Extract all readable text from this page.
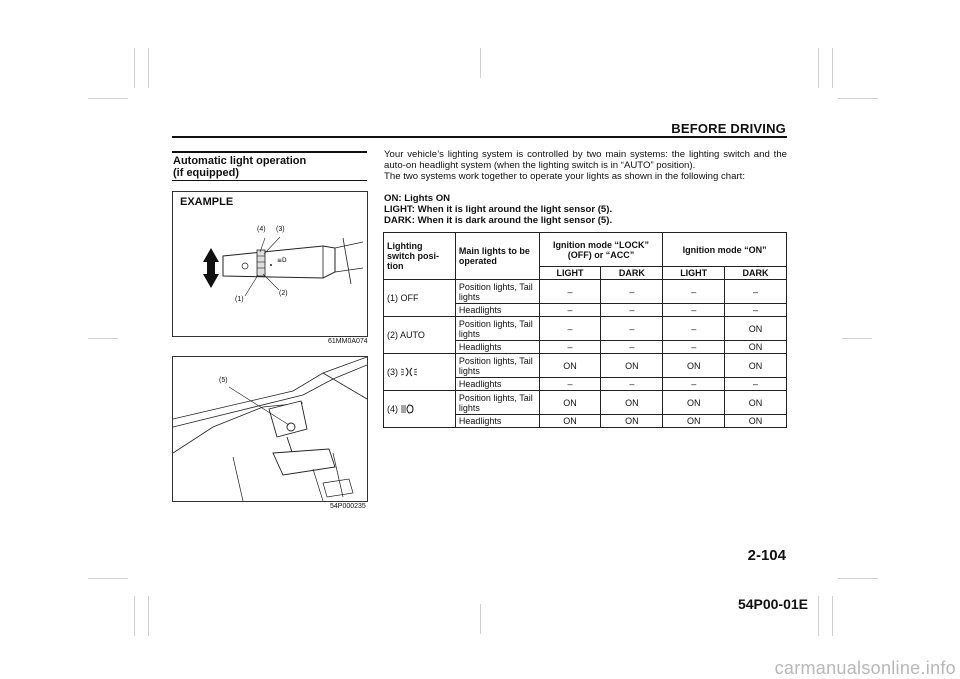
BEFORE DRIVING
Automatic light operation
(if equipped)
EXAMPLE
≡D
(4) (3)
(1)
(2)
61MM0A074
(5)
54P000235

Your vehicle’s lighting system is controlled by two main systems: the lighting switch and the auto-on headlight system (when the lighting switch is in “AUTO” position).

The two systems work together to operate your lights as shown in the following chart:

ON: Lights ON

LIGHT: When it is light around the light sensor (5).

DARK: When it is dark around the light sensor (5).

Lighting switch posi-tion	Main lights to be operated	Ignition mode “LOCK” (OFF) or “ACC”		Ignition mode “ON”	
		LIGHT	DARK	LIGHT	DARK
(1) OFF	Position lights, Tail lights	–	–	–	–
	Headlights	–	–	–	–
(2) AUTO	Position lights, Tail lights	–	–	–	ON
	Headlights	–	–	–	ON
(3)	Position lights, Tail lights	ON	ON	ON	ON
	Headlights	–	–	–	–
(4)	Position lights, Tail lights	ON	ON	ON	ON
	Headlights	ON	ON	ON	ON
2-104
54P00-01E
carmanualsonline.info
